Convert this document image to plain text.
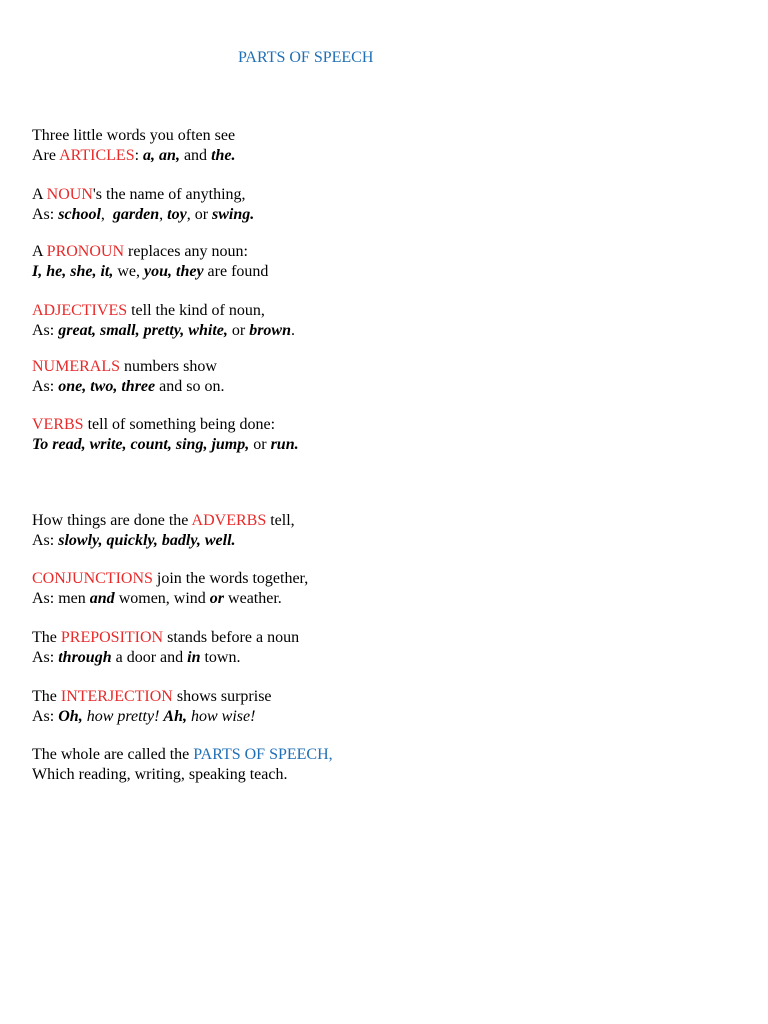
PARTS OF SPEECH

Three little words you often see
Are ARTICLES: a, an, and the.

A NOUN's the name of anything,
As: school,  garden, toy, or swing.

A PRONOUN replaces any noun:
I, he, she, it, we, you, they are found

ADJECTIVES tell the kind of noun,
As: great, small, pretty, white, or brown.

NUMERALS numbers show
As: one, two, three and so on.

VERBS tell of something being done:
To read, write, count, sing, jump, or run.

How things are done the ADVERBS tell,
As: slowly, quickly, badly, well.

CONJUNCTIONS join the words together,
As: men and women, wind or weather.

The PREPOSITION stands before a noun
As: through a door and in town.

The INTERJECTION shows surprise
As: Oh, how pretty! Ah, how wise!

The whole are called the PARTS OF SPEECH,
Which reading, writing, speaking teach.
